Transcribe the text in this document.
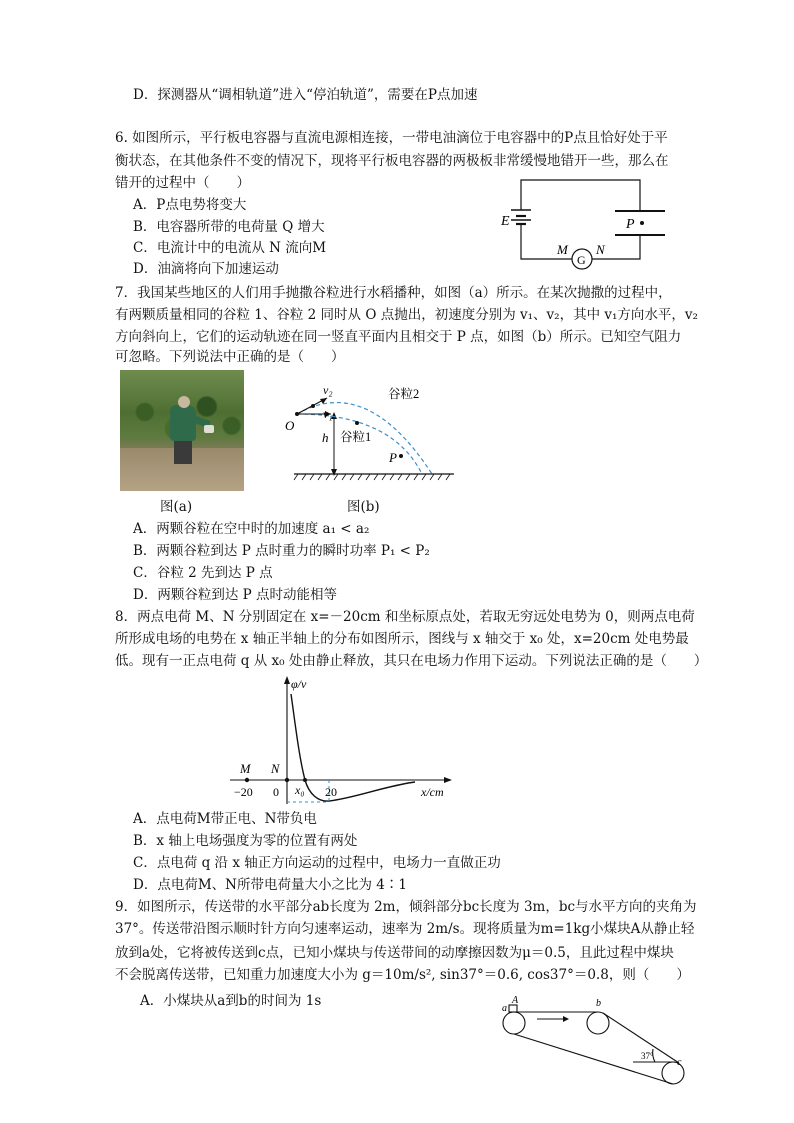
D．探测器从“调相轨道”进入“停泊轨道”，需要在P点加速
6. 如图所示，平行板电容器与直流电源相连接，一带电油滴位于电容器中的P点且恰好处于平
衡状态，在其他条件不变的情况下，现将平行板电容器的两极板非常缓慢地错开一些，那么在
错开的过程中（　　）
A．P点电势将变大
B．电容器所带的电荷量 Q 增大
C．电流计中的电流从 N 流向M
D．油滴将向下加速运动
E	P
M N
G
7．我国某些地区的人们用手抛撒谷粒进行水稻播种，如图（a）所示。在某次抛撒的过程中，
有两颗质量相同的谷粒 1、谷粒 2 同时从 O 点抛出，初速度分别为 v₁、v₂，其中 v₁方向水平，v₂
方向斜向上，它们的运动轨迹在同一竖直平面内且相交于 P 点，如图（b）所示。已知空气阻力
可忽略。下列说法中正确的是（　　）
图(a)
v₂
v₁
谷粒2
谷粒1
O
h
P
图(b)
A．两颗谷粒在空中时的加速度 a₁ < a₂
B．两颗谷粒到达 P 点时重力的瞬时功率 P₁ < P₂
C．谷粒 2 先到达 P 点
D．两颗谷粒到达 P 点时动能相等
8．两点电荷 M、N 分别固定在 x=－20cm 和坐标原点处，若取无穷远处电势为 0，则两点电荷
所形成电场的电势在 x 轴正半轴上的分布如图所示，图线与 x 轴交于 x₀ 处，x=20cm 处电势最
低。现有一正点电荷 q 从 x₀ 处由静止释放，其只在电场力作用下运动。下列说法正确的是（　　）
φ/v
x/cm
M N
−20 0 x₀ 20
A．点电荷M带正电、N带负电
B．x 轴上电场强度为零的位置有两处
C．点电荷 q 沿 x 轴正方向运动的过程中，电场力一直做正功
D．点电荷M、N所带电荷量大小之比为 4∶1
9．如图所示，传送带的水平部分ab长度为 2m，倾斜部分bc长度为 3m，bc与水平方向的夹角为
37°。传送带沿图示顺时针方向匀速率运动，速率为 2m/s。现将质量为m=1kg小煤块A从静止轻
放到a处，它将被传送到c点，已知小煤块与传送带间的动摩擦因数为μ＝0.5，且此过程中煤块
不会脱离传送带，已知重力加速度大小为 g＝10m/s², sin37°＝0.6, cos37°＝0.8，则（　　）
A．小煤块从a到b的时间为 1s	A
a	b
c
37°
